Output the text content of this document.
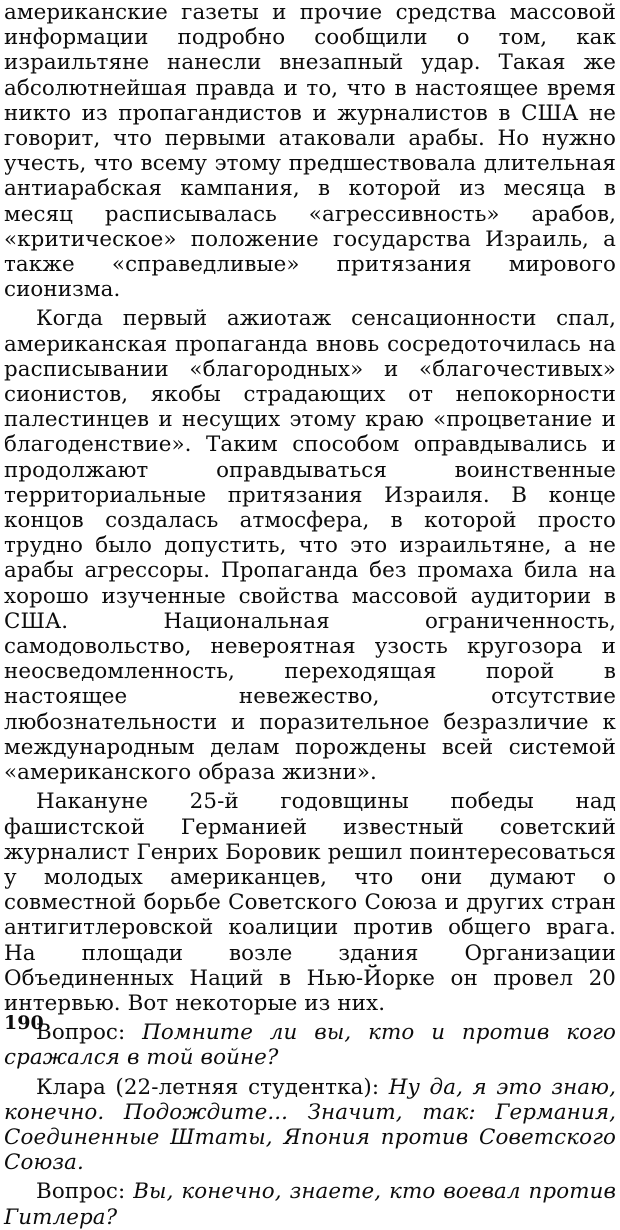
американские газеты и прочие средства массовой информации подробно сообщили о том, как израильтяне нанесли внезапный удар. Такая же абсолютнейшая правда и то, что в настоящее время никто из пропагандистов и журналистов в США не говорит, что первыми атаковали арабы. Но нужно учесть, что всему этому предшествовала длительная антиарабская кампания, в которой из месяца в месяц расписывалась «агрессивность» арабов, «критическое» положение государства Израиль, а также «справедливые» притязания мирового сионизма.

Когда первый ажиотаж сенсационности спал, американская пропаганда вновь сосредоточилась на расписывании «благородных» и «благочестивых» сионистов, якобы страдающих от непокорности палестинцев и несущих этому краю «процветание и благоденствие». Таким способом оправдывались и продолжают оправдываться воинственные территориальные притязания Израиля. В конце концов создалась атмосфера, в которой просто трудно было допустить, что это израильтяне, а не арабы агрессоры. Пропаганда без промаха била на хорошо изученные свойства массовой аудитории в США. Национальная ограниченность, самодовольство, невероятная узость кругозора и неосведомленность, переходящая порой в настоящее невежество, отсутствие любознательности и поразительное безразличие к международным делам порождены всей системой «американского образа жизни».

Накануне 25-й годовщины победы над фашистской Германией известный советский журналист Генрих Боровик решил поинтересоваться у молодых американцев, что они думают о совместной борьбе Советского Союза и других стран антигитлеровской коалиции против общего врага. На площади возле здания Организации Объединенных Наций в Нью-Йорке он провел 20 интервью. Вот некоторые из них.

Вопрос: Помните ли вы, кто и против кого сражался в той войне?

Клара (22-летняя студентка): Ну да, я это знаю, конечно. Подождите... Значит, так: Германия, Соединенные Штаты, Япония против Советского Союза.

Вопрос: Вы, конечно, знаете, кто воевал против Гитлера?

190
